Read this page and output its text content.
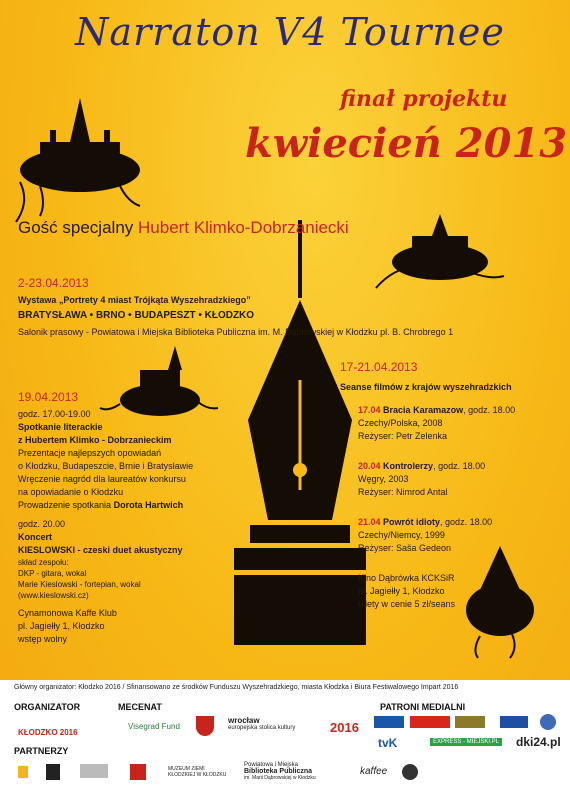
Narraton V4 Tournee
finał projektu
kwiecień 2013
Gość specjalny Hubert Klimko-Dobrzaniecki
2-23.04.2013
Wystawa „Portrety 4 miast Trójkąta Wyszehradzkiego”
BRATYSŁAWA • BRNO • BUDAPESZT • KŁODZKO
Salonik prasowy - Powiatowa i Miejska Biblioteka Publiczna im. M. Dąbrowskiej w Kłodzku pl. B. Chrobrego 1
19.04.2013
godz. 17.00-19.00
Spotkanie literackie
z Hubertem Klimko - Dobrzanieckim
Prezentacje najlepszych opowiadań
o Kłodzku, Budapeszcie, Brnie i Bratysławie
Wręczenie nagród dla laureatów konkursu
na opowiadanie o Kłodzku
Prowadzenie spotkania Dorota Hartwich
godz. 20.00
Koncert
KIESLOWSKI - czeski duet akustyczny
skład zespołu:
DKP - gitara, wokal
Marie Kieslowski - fortepian, wokal
(www.kieslowski.cz)
Cynamonowa Kaffe Klub
pl. Jagiełły 1, Kłodzko
wstęp wolny
17-21.04.2013
Seanse filmów z krajów wyszehradzkich
17.04 Bracia Karamazow, godz. 18.00
Czechy/Polska, 2008
Reżyser: Petr Zelenka
20.04 Kontrolerzy, godz. 18.00
Węgry, 2003
Reżyser: Nimrod Antal
21.04 Powrót idioty, godz. 18.00
Czechy/Niemcy, 1999
Reżyser: Saša Gedeon
Kino Dąbrówka KCKSiR
pl. Jagiełły 1, Kłodzko
bilety w cenie 5 zł/seans
Główny organizator: Kłodzko 2016 / Sfinansowano ze środków Funduszu Wyszehradzkiego, miasta Kłodzka i Biura Festiwalowego Impart 2016
ORGANIZATOR
KŁODZKO 2016
MECENAT
Visegrad Fund
wrocław
europejska stolica kultury	2016
PATRONI MEDIALNI
tvK	EXPRESS - MIEJSKI.PL dki24.pl
PARTNERZY
MUZEUM ZIEMI KŁODZKIEJ W KŁODZKU
Powiatowa i Miejska
Biblioteka Publiczna
im. Marii Dąbrowskiej w Kłodzku
kaffee
